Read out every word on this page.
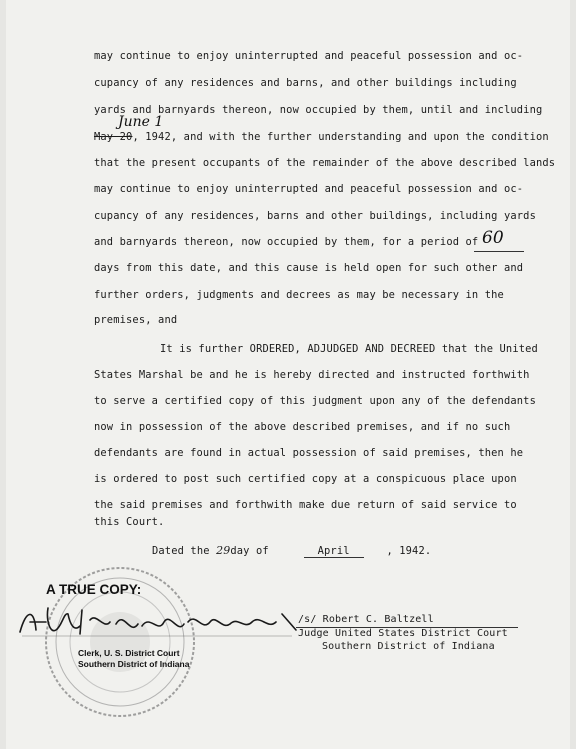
may continue to enjoy uninterrupted and peaceful possession and oc-
cupancy of any residences and barns, and other buildings including
yards and barnyards thereon, now occupied by them, until and including
June 1
May 20, 1942, and with the further understanding and upon the condition
that the present occupants of the remainder of the above described lands
may continue to enjoy uninterrupted and peaceful possession and oc-
cupancy of any residences, barns and other buildings, including yards
and barnyards thereon, now occupied by them, for a period of 60
days from this date, and this cause is held open for such other and
further orders, judgments and decrees as may be necessary in the
premises, and
It is further ORDERED, ADJUDGED AND DECREED that the United
States Marshal be and he is hereby directed and instructed forthwith
to serve a certified copy of this judgment upon any of the defendants
now in possession of the above described premises, and if no such
defendants are found in actual possession of said premises, then he
is ordered to post such certified copy at a conspicuous place upon
the said premises and forthwith make due return of said service to
this Court.
Dated the 29day of	April	, 1942.
A TRUE COPY:
Clerk, U. S. District Court
Southern District of Indiana
/s/ Robert C. Baltzell
Judge United States District Court
Southern District of Indiana
